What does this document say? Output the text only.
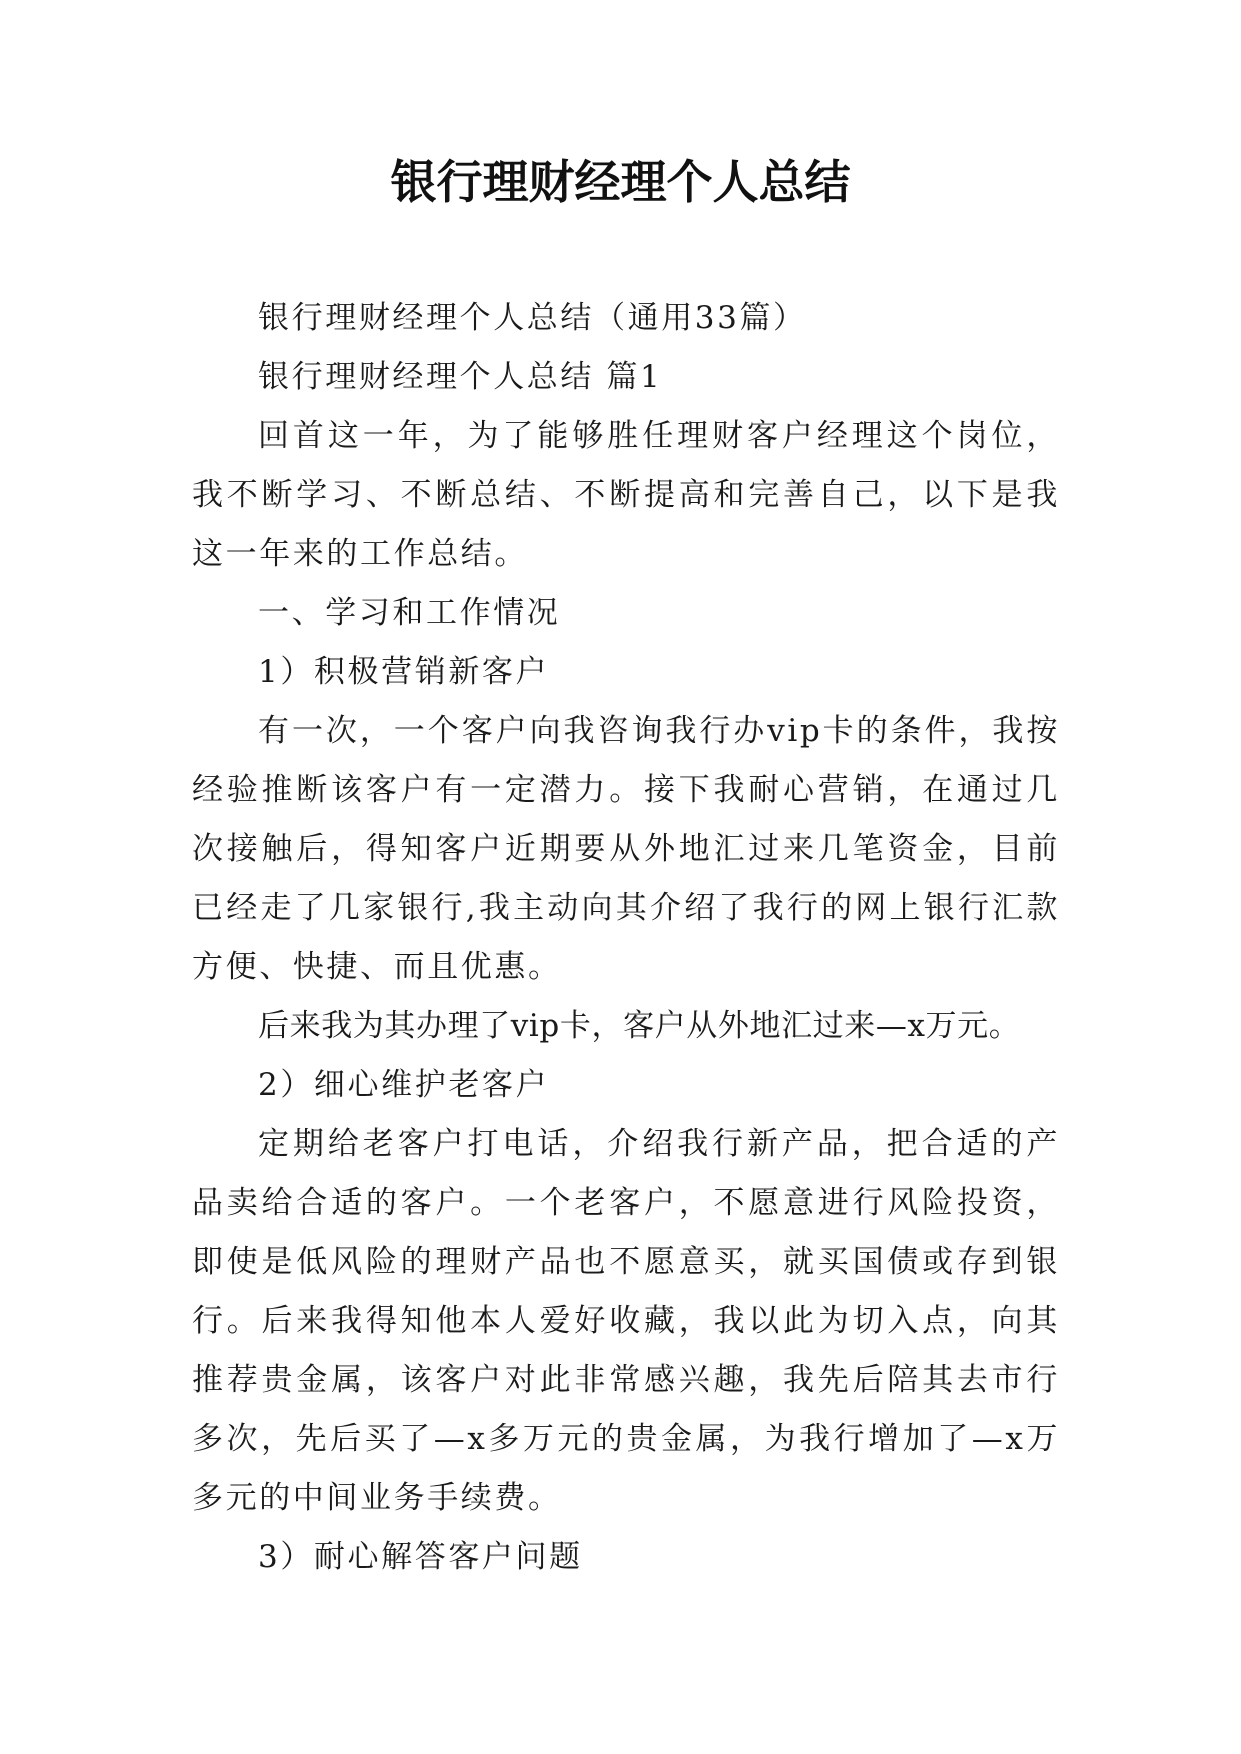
银行理财经理个人总结

银行理财经理个人总结（通用33篇）

银行理财经理个人总结 篇1

回首这一年，为了能够胜任理财客户经理这个岗位，我不断学习、不断总结、不断提高和完善自己，以下是我这一年来的工作总结。

一、学习和工作情况

1）积极营销新客户

有一次，一个客户向我咨询我行办vip卡的条件，我按经验推断该客户有一定潜力。接下我耐心营销，在通过几次接触后，得知客户近期要从外地汇过来几笔资金，目前已经走了几家银行,我主动向其介绍了我行的网上银行汇款方便、快捷、而且优惠。

后来我为其办理了vip卡，客户从外地汇过来—x万元。

2）细心维护老客户

定期给老客户打电话，介绍我行新产品，把合适的产品卖给合适的客户。一个老客户，不愿意进行风险投资，即使是低风险的理财产品也不愿意买，就买国债或存到银行。后来我得知他本人爱好收藏，我以此为切入点，向其推荐贵金属，该客户对此非常感兴趣，我先后陪其去市行多次，先后买了—x多万元的贵金属，为我行增加了—x万多元的中间业务手续费。

3）耐心解答客户问题
